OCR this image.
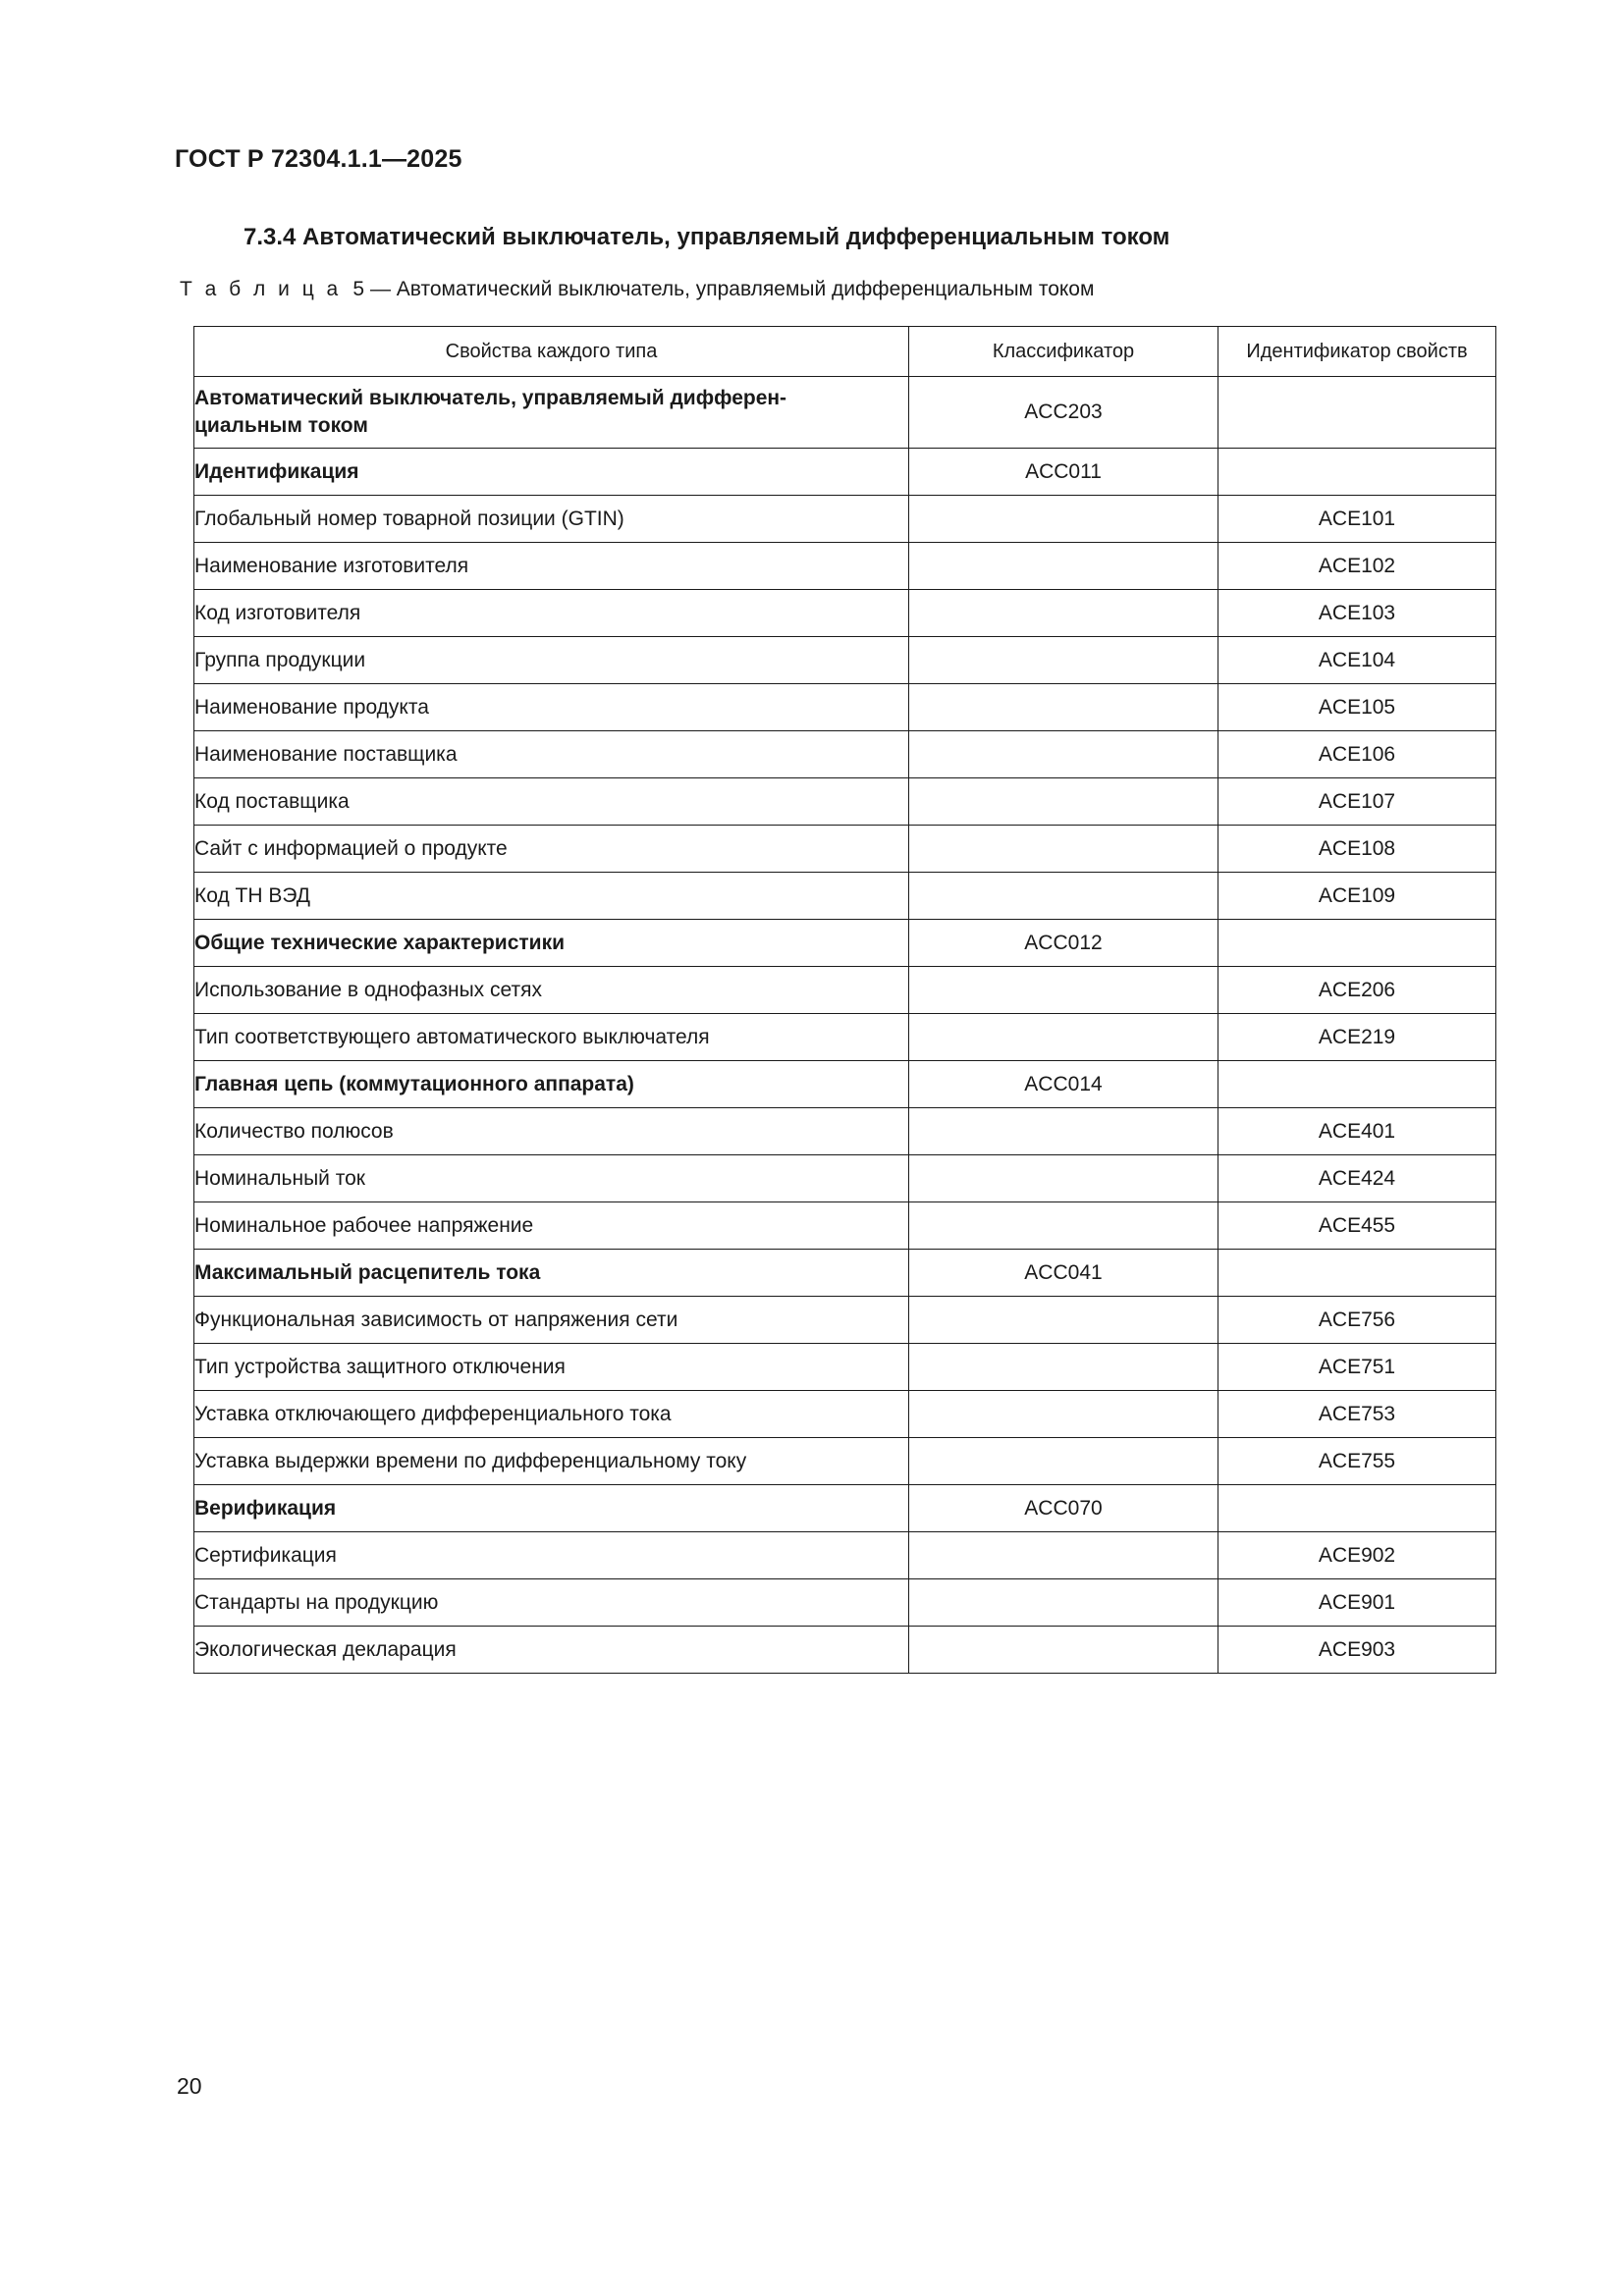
ГОСТ Р 72304.1.1—2025
7.3.4 Автоматический выключатель, управляемый дифференциальным током
Т а б л и ц а 5 — Автоматический выключатель, управляемый дифференциальным током
Свойства каждого типа	Классификатор	Идентификатор свойств
Автоматический выключатель, управляемый дифферен-
циальным током	ACC203	
Идентификация	ACC011	
Глобальный номер товарной позиции (GTIN)		ACE101
Наименование изготовителя		ACE102
Код изготовителя		ACE103
Группа продукции		ACE104
Наименование продукта		ACE105
Наименование поставщика		ACE106
Код поставщика		ACE107
Сайт с информацией о продукте		ACE108
Код ТН ВЭД		ACE109
Общие технические характеристики	ACC012	
Использование в однофазных сетях		ACE206
Тип соответствующего автоматического выключателя		ACE219
Главная цепь (коммутационного аппарата)	ACC014	
Количество полюсов		ACE401
Номинальный ток		ACE424
Номинальное рабочее напряжение		ACE455
Максимальный расцепитель тока	ACC041	
Функциональная зависимость от напряжения сети		ACE756
Тип устройства защитного отключения		ACE751
Уставка отключающего дифференциального тока		ACE753
Уставка выдержки времени по дифференциальному току		ACE755
Верификация	ACC070	
Сертификация		ACE902
Стандарты на продукцию		ACE901
Экологическая декларация		ACE903
20
